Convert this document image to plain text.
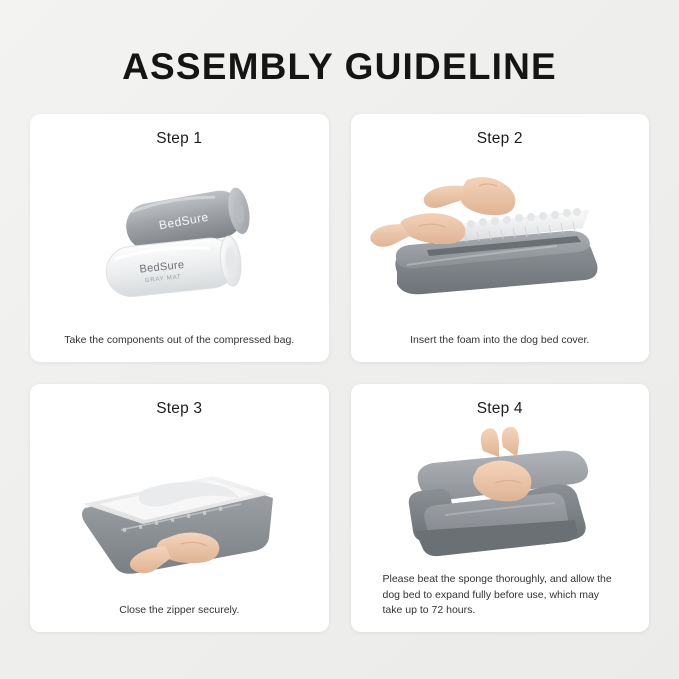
ASSEMBLY GUIDELINE
Step 1
BedSure
BedSure
GRAY MAT
Take the components out of the compressed bag.
Step 2
Insert the foam into the dog bed cover.
Step 3
Close the zipper securely.
Step 4
Please beat the sponge thoroughly, and allow the dog bed to expand fully before use, which may take up to 72 hours.
